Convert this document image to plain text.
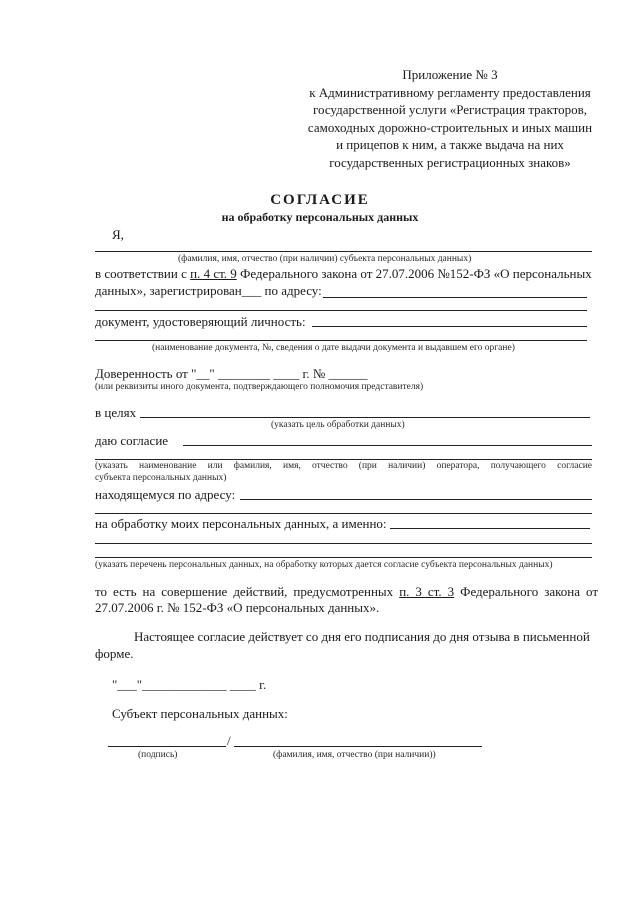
Приложение № 3
к Административному регламенту предоставления
государственной услуги «Регистрация тракторов,
самоходных дорожно-строительных и иных машин
и прицепов к ним, а также выдача на них
государственных регистрационных знаков»
СОГЛАСИЕ
на обработку персональных данных
Я,
(фамилия, имя, отчество (при наличии) субъекта персональных данных)
в соответствии с п. 4 ст. 9 Федерального закона от 27.07.2006 №152-ФЗ «О персональных
данных», зарегистрирован___ по адресу:
документ, удостоверяющий личность:
(наименование документа, №, сведения о дате выдачи документа и выдавшем его органе)
Доверенность от "__" ________ ____ г. № ______
(или реквизиты иного документа, подтверждающего полномочия представителя)
в целях
(указать цель обработки данных)
даю согласие
(указать наименование или фамилия, имя, отчество (при наличии) оператора, получающего согласие
субъекта персональных данных)
находящемуся по адресу:
на обработку моих персональных данных, а именно:
(указать перечень персональных данных, на обработку которых дается согласие субъекта персональных данных)
то есть на совершение действий, предусмотренных п. 3 ст. 3 Федерального закона от
27.07.2006 г. № 152-ФЗ «О персональных данных».
Настоящее согласие действует со дня его подписания до дня отзыва в письменной
форме.
"___"_____________ ____ г.
Субъект персональных данных:
/
(подпись)	(фамилия, имя, отчество (при наличии))
